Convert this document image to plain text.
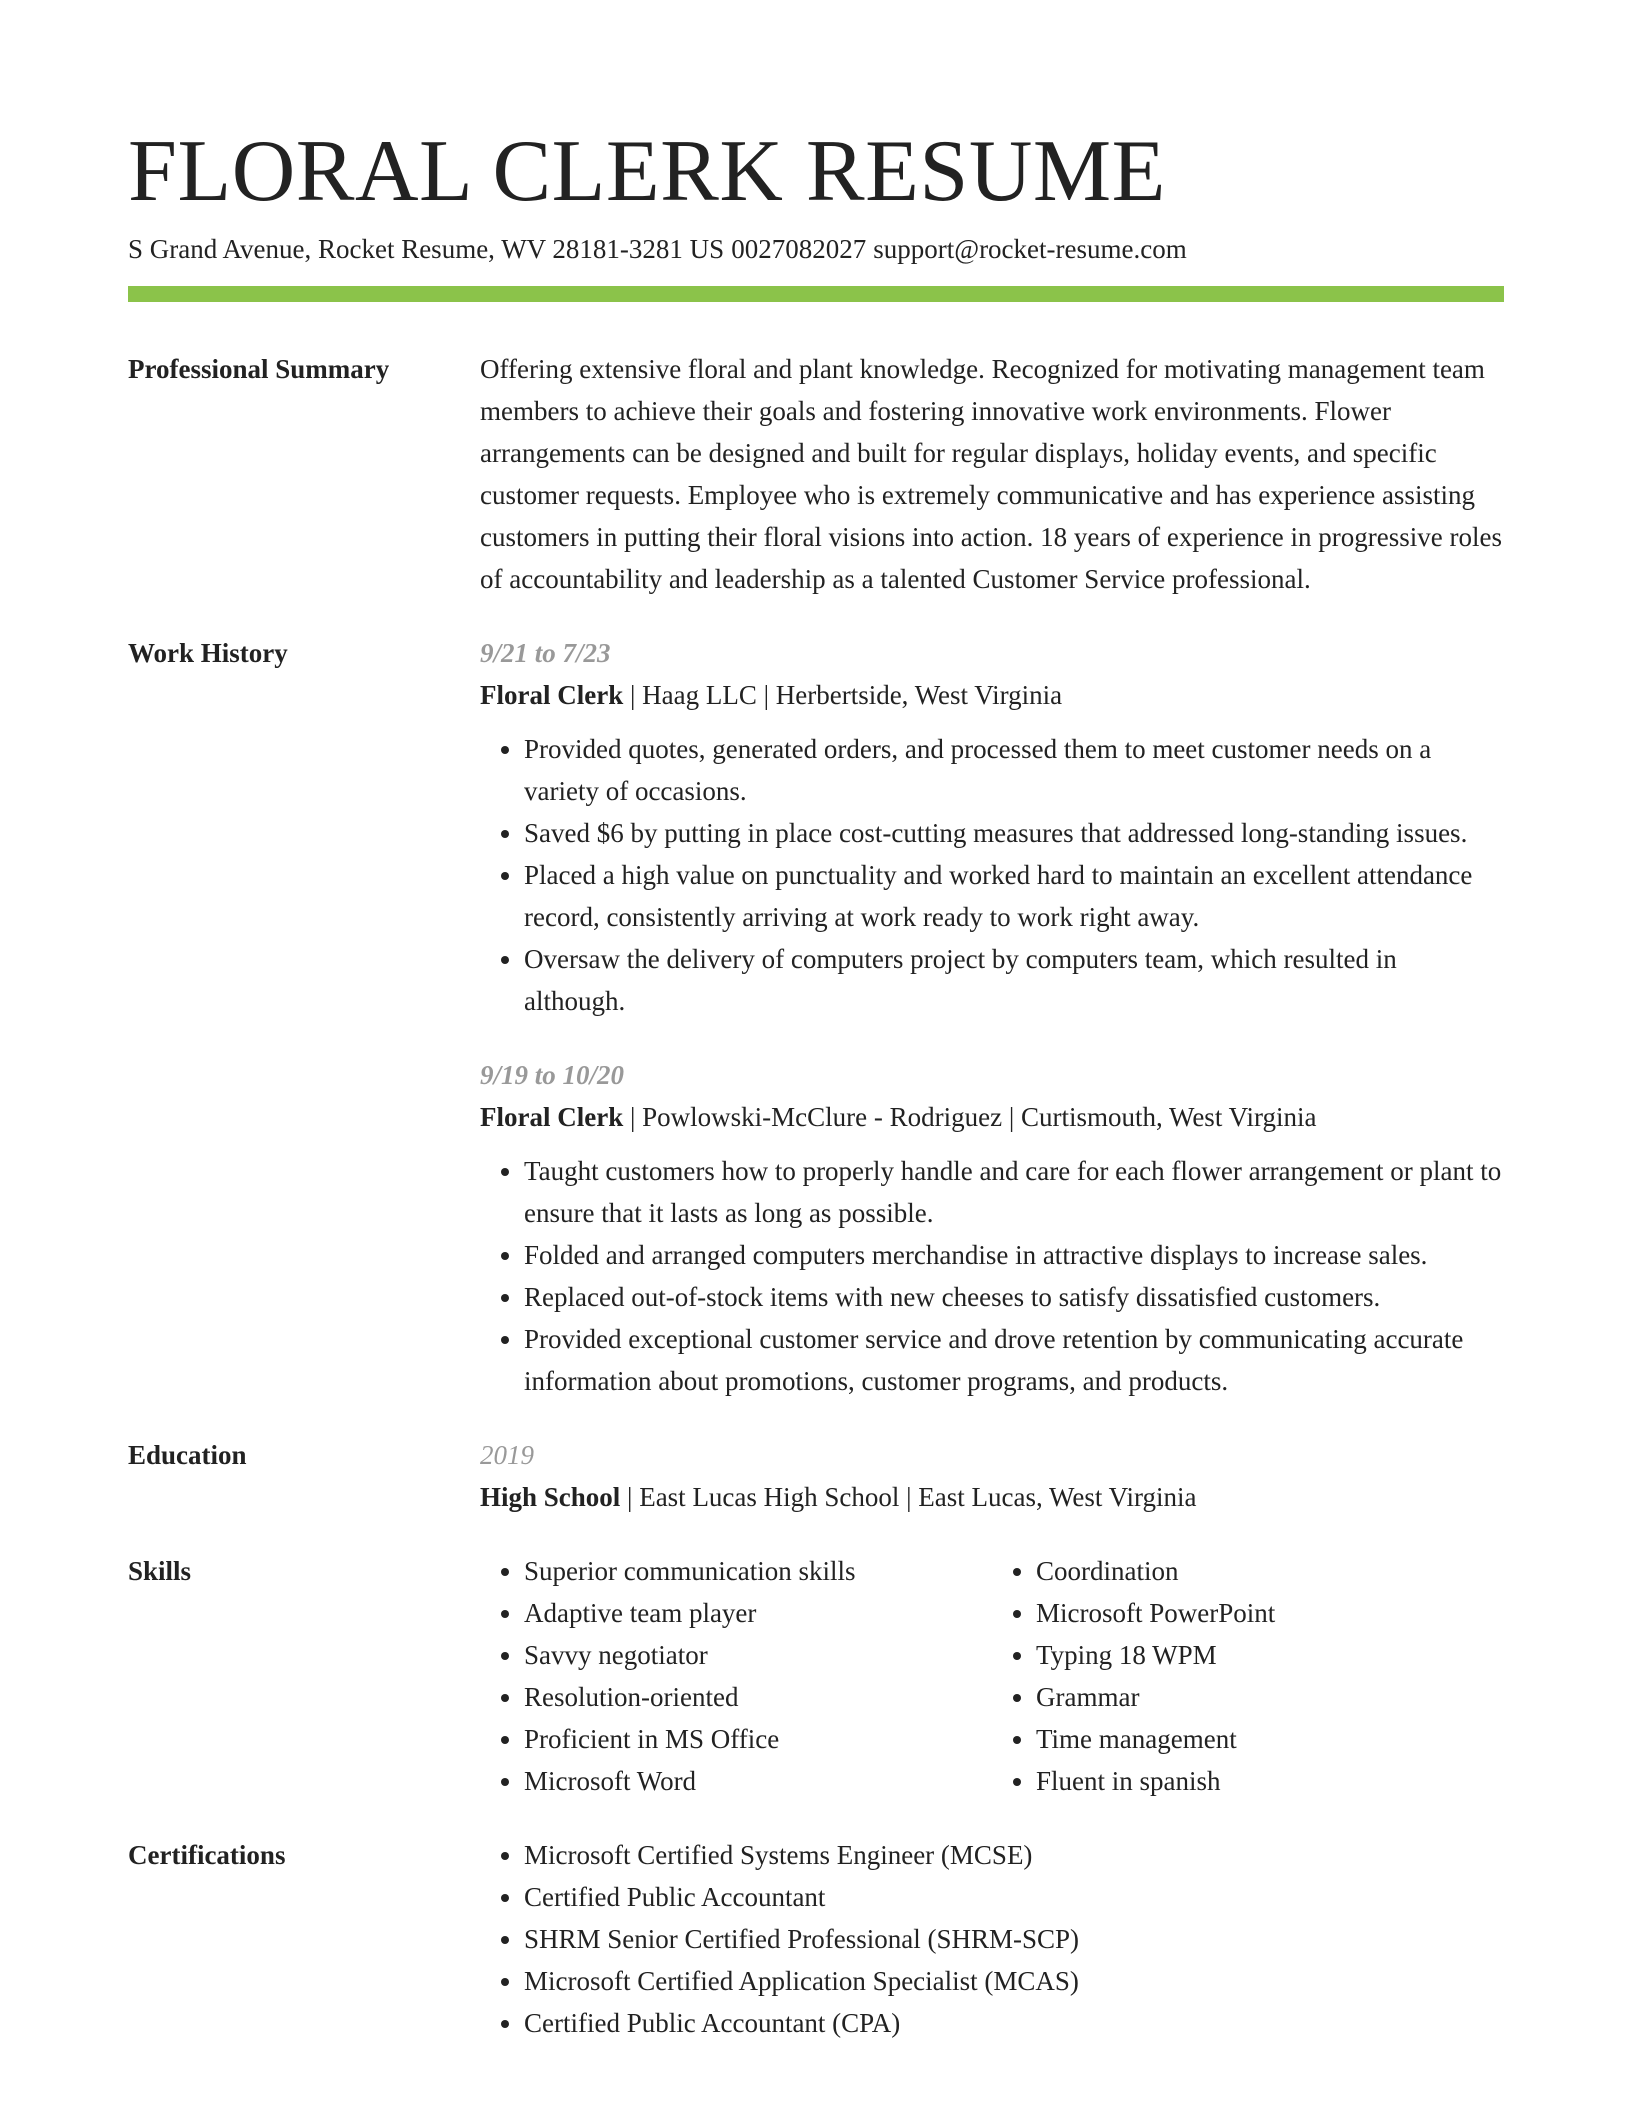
FLORAL CLERK RESUME
S Grand Avenue, Rocket Resume, WV 28181-3281 US 0027082027 support@rocket-resume.com
Professional Summary	Offering extensive floral and plant knowledge. Recognized for motivating management team members to achieve their goals and fostering innovative work environments. Flower arrangements can be designed and built for regular displays, holiday events, and specific customer requests. Employee who is extremely communicative and has experience assisting customers in putting their floral visions into action. 18 years of experience in progressive roles of accountability and leadership as a talented Customer Service professional.

Work History	9/21 to 7/23
Floral Clerk | Haag LLC | Herbertside, West Virginia
• Provided quotes, generated orders, and processed them to meet customer needs on a variety of occasions.
• Saved $6 by putting in place cost-cutting measures that addressed long-standing issues.
• Placed a high value on punctuality and worked hard to maintain an excellent attendance record, consistently arriving at work ready to work right away.
• Oversaw the delivery of computers project by computers team, which resulted in although.
9/19 to 10/20
Floral Clerk | Powlowski-McClure - Rodriguez | Curtismouth, West Virginia
• Taught customers how to properly handle and care for each flower arrangement or plant to ensure that it lasts as long as possible.
• Folded and arranged computers merchandise in attractive displays to increase sales.
• Replaced out-of-stock items with new cheeses to satisfy dissatisfied customers.
• Provided exceptional customer service and drove retention by communicating accurate information about promotions, customer programs, and products.
Education	2019
High School | East Lucas High School | East Lucas, West Virginia
Skills	• Superior communication skills
• Adaptive team player
• Savvy negotiator
• Resolution-oriented
• Proficient in MS Office
• Microsoft Word
• Coordination
• Microsoft PowerPoint
• Typing 18 WPM
• Grammar
• Time management
• Fluent in spanish
Certifications	• Microsoft Certified Systems Engineer (MCSE)
• Certified Public Accountant
• SHRM Senior Certified Professional (SHRM-SCP)
• Microsoft Certified Application Specialist (MCAS)
• Certified Public Accountant (CPA)
